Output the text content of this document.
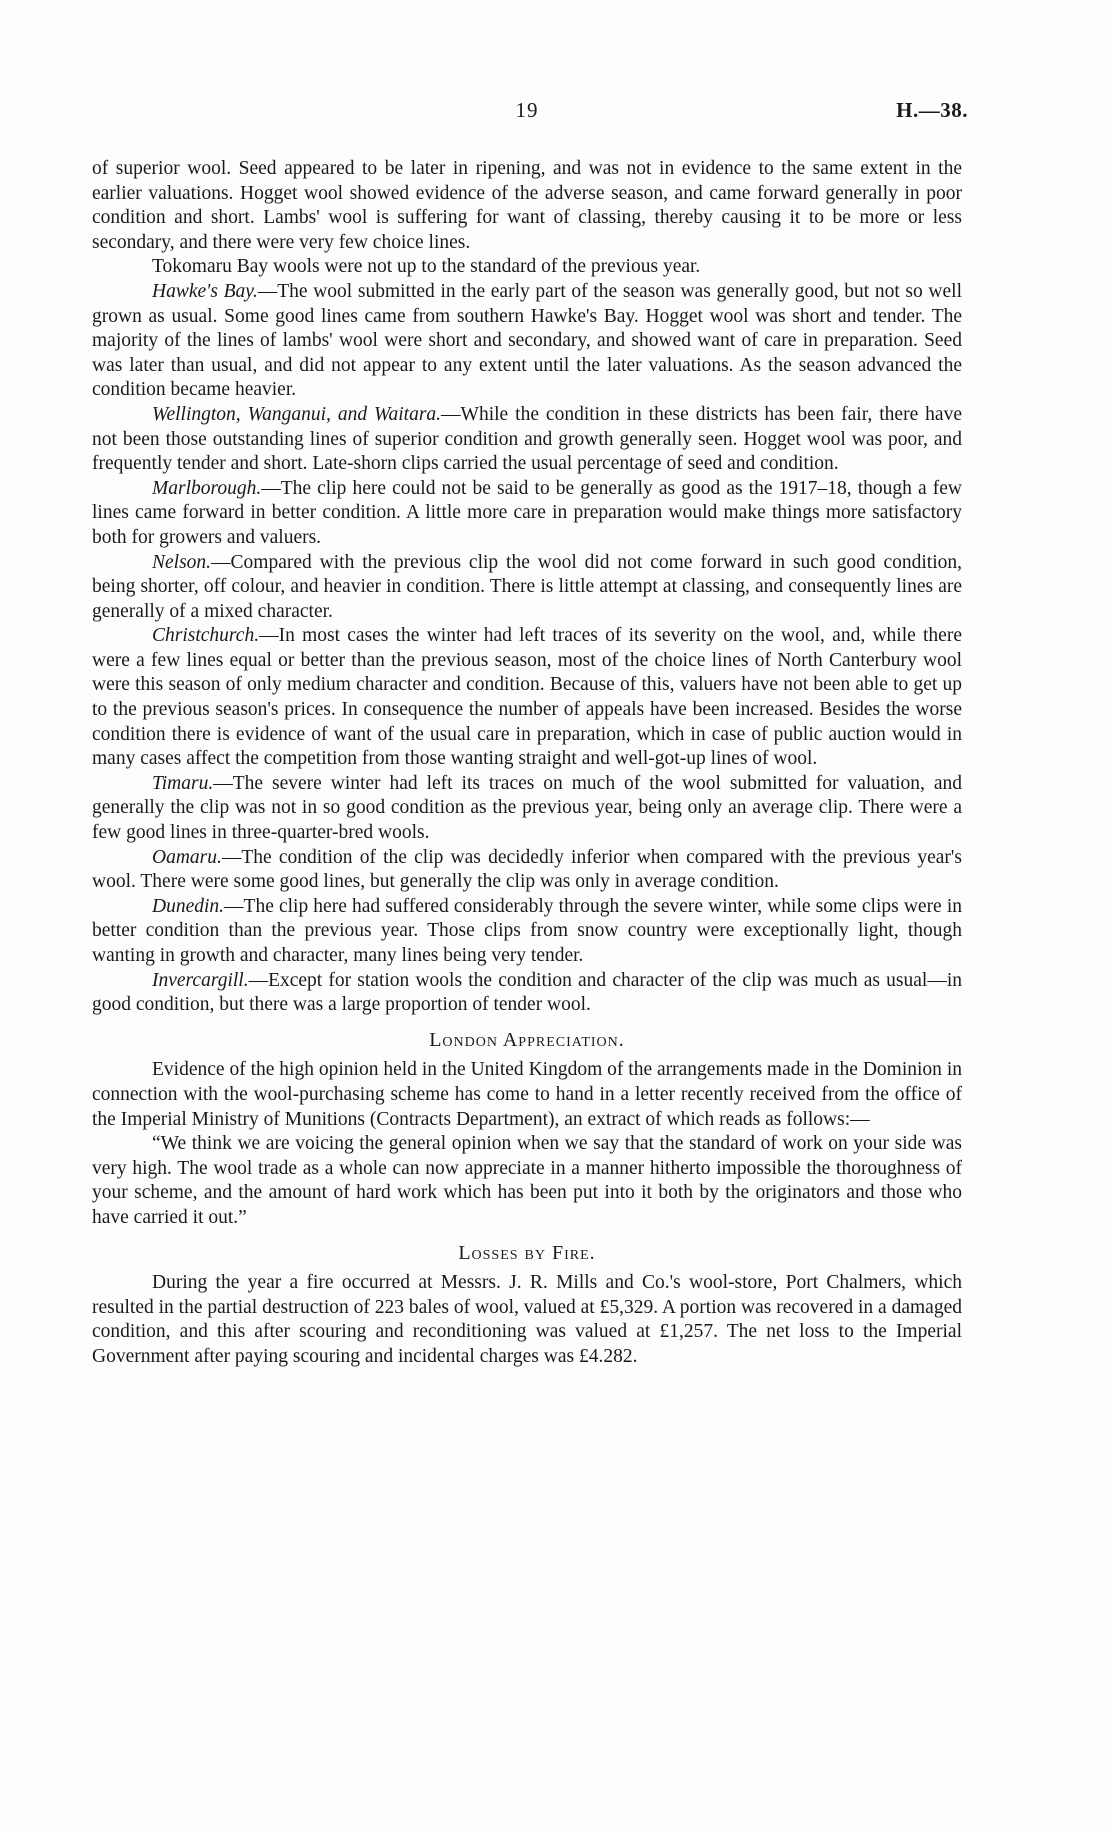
19	H.—38.

of superior wool. Seed appeared to be later in ripening, and was not in evidence to the same extent in the earlier valuations. Hogget wool showed evidence of the adverse season, and came forward generally in poor condition and short. Lambs' wool is suffering for want of classing, thereby causing it to be more or less secondary, and there were very few choice lines.

Tokomaru Bay wools were not up to the standard of the previous year.

Hawke's Bay.—The wool submitted in the early part of the season was generally good, but not so well grown as usual. Some good lines came from southern Hawke's Bay. Hogget wool was short and tender. The majority of the lines of lambs' wool were short and secondary, and showed want of care in preparation. Seed was later than usual, and did not appear to any extent until the later valuations. As the season advanced the condition became heavier.

Wellington, Wanganui, and Waitara.—While the condition in these districts has been fair, there have not been those outstanding lines of superior condition and growth generally seen. Hogget wool was poor, and frequently tender and short. Late-shorn clips carried the usual percentage of seed and condition.

Marlborough.—The clip here could not be said to be generally as good as the 1917–18, though a few lines came forward in better condition. A little more care in preparation would make things more satisfactory both for growers and valuers.

Nelson.—Compared with the previous clip the wool did not come forward in such good condition, being shorter, off colour, and heavier in condition. There is little attempt at classing, and consequently lines are generally of a mixed character.

Christchurch.—In most cases the winter had left traces of its severity on the wool, and, while there were a few lines equal or better than the previous season, most of the choice lines of North Canterbury wool were this season of only medium character and condition. Because of this, valuers have not been able to get up to the previous season's prices. In consequence the number of appeals have been increased. Besides the worse condition there is evidence of want of the usual care in preparation, which in case of public auction would in many cases affect the competition from those wanting straight and well-got-up lines of wool.

Timaru.—The severe winter had left its traces on much of the wool submitted for valuation, and generally the clip was not in so good condition as the previous year, being only an average clip. There were a few good lines in three-quarter-bred wools.

Oamaru.—The condition of the clip was decidedly inferior when compared with the previous year's wool. There were some good lines, but generally the clip was only in average condition.

Dunedin.—The clip here had suffered considerably through the severe winter, while some clips were in better condition than the previous year. Those clips from snow country were exceptionally light, though wanting in growth and character, many lines being very tender.

Invercargill.—Except for station wools the condition and character of the clip was much as usual—in good condition, but there was a large proportion of tender wool.

London Appreciation.

Evidence of the high opinion held in the United Kingdom of the arrangements made in the Dominion in connection with the wool-purchasing scheme has come to hand in a letter recently received from the office of the Imperial Ministry of Munitions (Contracts Department), an extract of which reads as follows:—

“We think we are voicing the general opinion when we say that the standard of work on your side was very high. The wool trade as a whole can now appreciate in a manner hitherto impossible the thoroughness of your scheme, and the amount of hard work which has been put into it both by the originators and those who have carried it out.”

Losses by Fire.

During the year a fire occurred at Messrs. J. R. Mills and Co.'s wool-store, Port Chalmers, which resulted in the partial destruction of 223 bales of wool, valued at £5,329. A portion was recovered in a damaged condition, and this after scouring and reconditioning was valued at £1,257. The net loss to the Imperial Government after paying scouring and incidental charges was £4.282.
